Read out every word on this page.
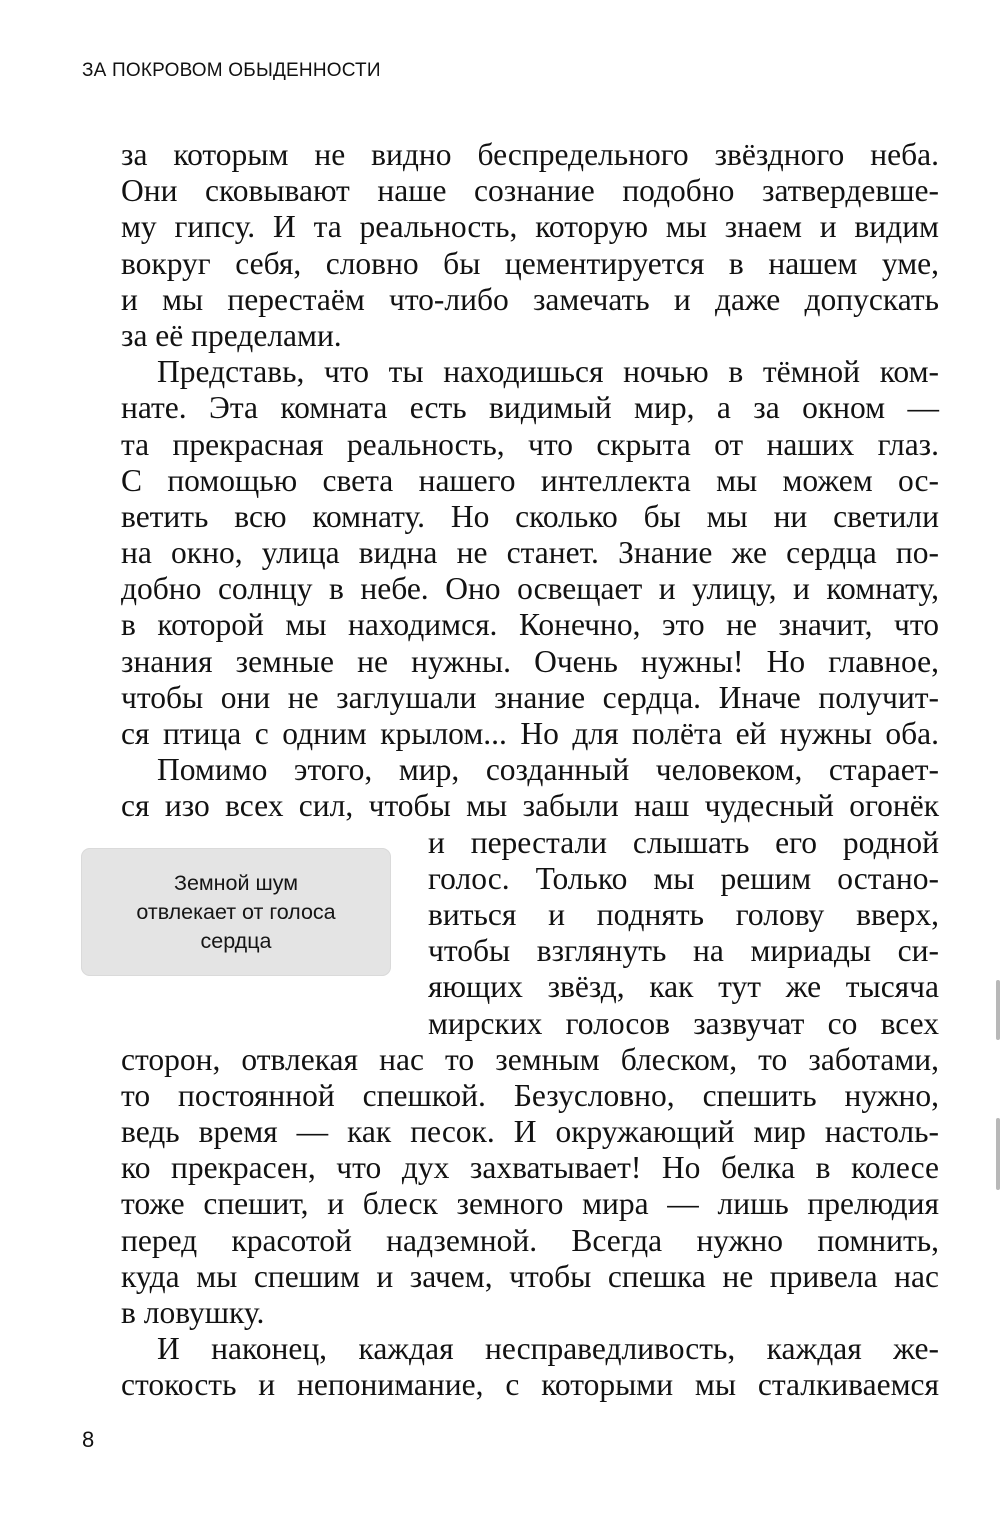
ЗА ПОКРОВОМ ОБЫДЕННОСТИ
за которым не видно беспредельного звёздного неба.
Они сковывают наше сознание подобно затвердевше-
му гипсу. И та реальность, которую мы знаем и видим
вокруг себя, словно бы цементируется в нашем уме,
и мы перестаём что-либо замечать и даже допускать
за её пределами.
Представь, что ты находишься ночью в тёмной ком-
нате. Эта комната есть видимый мир, а за окном —
та прекрасная реальность, что скрыта от наших глаз.
С помощью света нашего интеллекта мы можем ос-
ветить всю комнату. Но сколько бы мы ни светили
на окно, улица видна не станет. Знание же сердца по-
добно солнцу в небе. Оно освещает и улицу, и комнату,
в которой мы находимся. Конечно, это не значит, что
знания земные не нужны. Очень нужны! Но главное,
чтобы они не заглушали знание сердца. Иначе получит-
ся птица с одним крылом... Но для полёта ей нужны оба.
Помимо этого, мир, созданный человеком, старает-
ся изо всех сил, чтобы мы забыли наш чудесный огонёк
и перестали слышать его родной
голос. Только мы решим остано-
виться и поднять голову вверх,
чтобы взглянуть на мириады си-
яющих звёзд, как тут же тысяча
мирских голосов зазвучат со всех
сторон, отвлекая нас то земным блеском, то заботами,
то постоянной спешкой. Безусловно, спешить нужно,
ведь время — как песок. И окружающий мир настоль-
ко прекрасен, что дух захватывает! Но белка в колесе
тоже спешит, и блеск земного мира — лишь прелюдия
перед красотой надземной. Всегда нужно помнить,
куда мы спешим и зачем, чтобы спешка не привела нас
в ловушку.
И наконец, каждая несправедливость, каждая же-
стокость и непонимание, с которыми мы сталкиваемся
Земной шум
отвлекает от голоса
сердца
8
